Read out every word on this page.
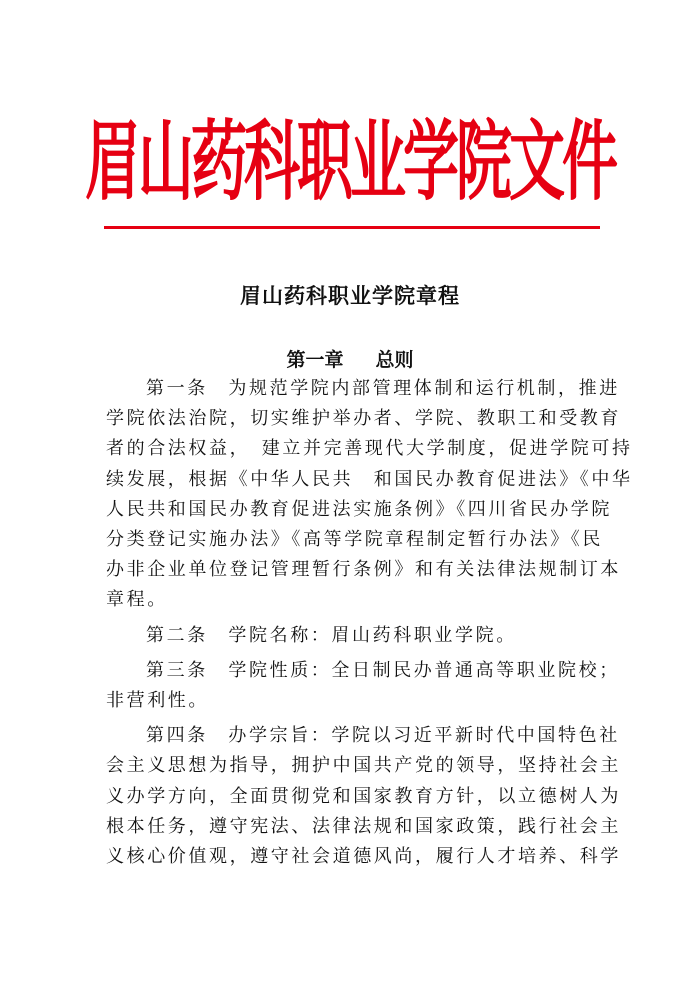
眉山药科职业学院文件
眉山药科职业学院章程
第一章 总则
第一条　为规范学院内部管理体制和运行机制，推进
学院依法治院，切实维护举办者、学院、教职工和受教育
者的合法权益，　建立并完善现代大学制度，促进学院可持
续发展，根据《中华人民共　和国民办教育促进法》《中华
人民共和国民办教育促进法实施条例》《四川省民办学院
分类登记实施办法》《高等学院章程制定暂行办法》《民
办非企业单位登记管理暂行条例》和有关法律法规制订本
章程。
第二条　学院名称：眉山药科职业学院。
第三条　学院性质：全日制民办普通高等职业院校；
非营利性。
第四条　办学宗旨：学院以习近平新时代中国特色社
会主义思想为指导，拥护中国共产党的领导，坚持社会主
义办学方向，全面贯彻党和国家教育方针，以立德树人为
根本任务，遵守宪法、法律法规和国家政策，践行社会主
义核心价值观，遵守社会道德风尚，履行人才培养、科学
